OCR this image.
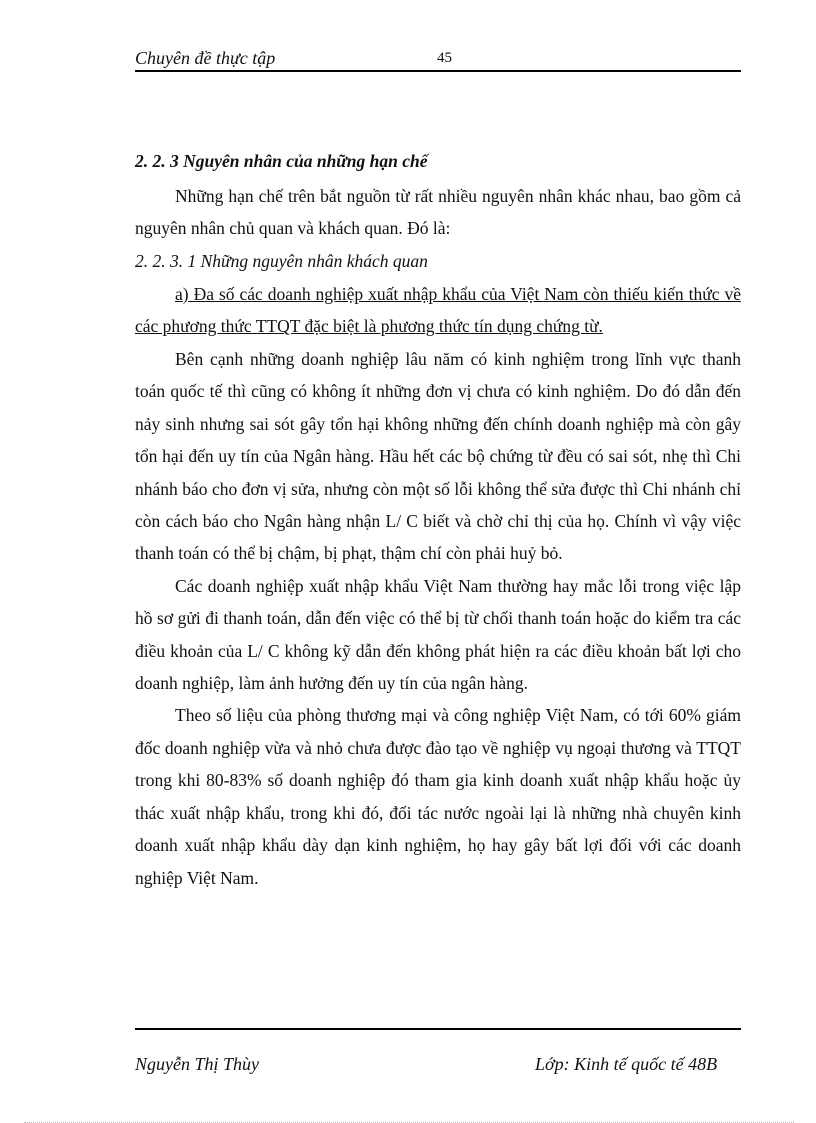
Chuyên đề thực tập	45

2. 2. 3 Nguyên nhân của những hạn chế

Những hạn chế trên bắt nguồn từ rất nhiều nguyên nhân khác nhau, bao gồm cả nguyên nhân chủ quan và khách quan. Đó là:

2. 2. 3. 1 Những nguyên nhân khách quan

a) Đa số các doanh nghiệp xuất nhập khẩu của Việt Nam còn thiếu kiến thức về các phương thức TTQT đặc biệt là phương thức tín dụng chứng từ.

Bên cạnh những doanh nghiệp lâu năm có kinh nghiệm trong lĩnh vực thanh toán quốc tế thì cũng có không ít những đơn vị chưa có kinh nghiệm. Do đó dẫn đến nảy sinh nhưng sai sót gây tổn hại không những đến chính doanh nghiệp mà còn gây tổn hại đến uy tín của Ngân hàng. Hầu hết các bộ chứng từ đều có sai sót, nhẹ thì Chi nhánh báo cho đơn vị sửa, nhưng còn một số lỗi không thể sửa được thì Chi nhánh chỉ còn cách báo cho Ngân hàng nhận L/ C biết và chờ chỉ thị của họ. Chính vì vậy việc thanh toán có thể bị chậm, bị phạt, thậm chí còn phải huỷ bỏ.

Các doanh nghiệp xuất nhập khẩu Việt Nam thường hay mắc lỗi trong việc lập hồ sơ gửi đi thanh toán, dẫn đến việc có thể bị từ chối thanh toán hoặc do kiểm tra các điều khoản của L/ C không kỹ dẫn đến không phát hiện ra các điều khoản bất lợi cho doanh nghiệp, làm ảnh hưởng đến uy tín của ngân hàng.

Theo số liệu của phòng thương mại và công nghiệp Việt Nam, có tới 60% giám đốc doanh nghiệp vừa và nhỏ chưa được đào tạo về nghiệp vụ ngoại thương và TTQT trong khi 80-83% số doanh nghiệp đó tham gia kinh doanh xuất nhập khẩu hoặc ủy thác xuất nhập khẩu, trong khi đó, đối tác nước ngoài lại là những nhà chuyên kinh doanh xuất nhập khẩu dày dạn kinh nghiệm, họ hay gây bất lợi đối với các doanh nghiệp Việt Nam.

Nguyễn Thị Thùy	Lớp: Kinh tế quốc tế 48B
